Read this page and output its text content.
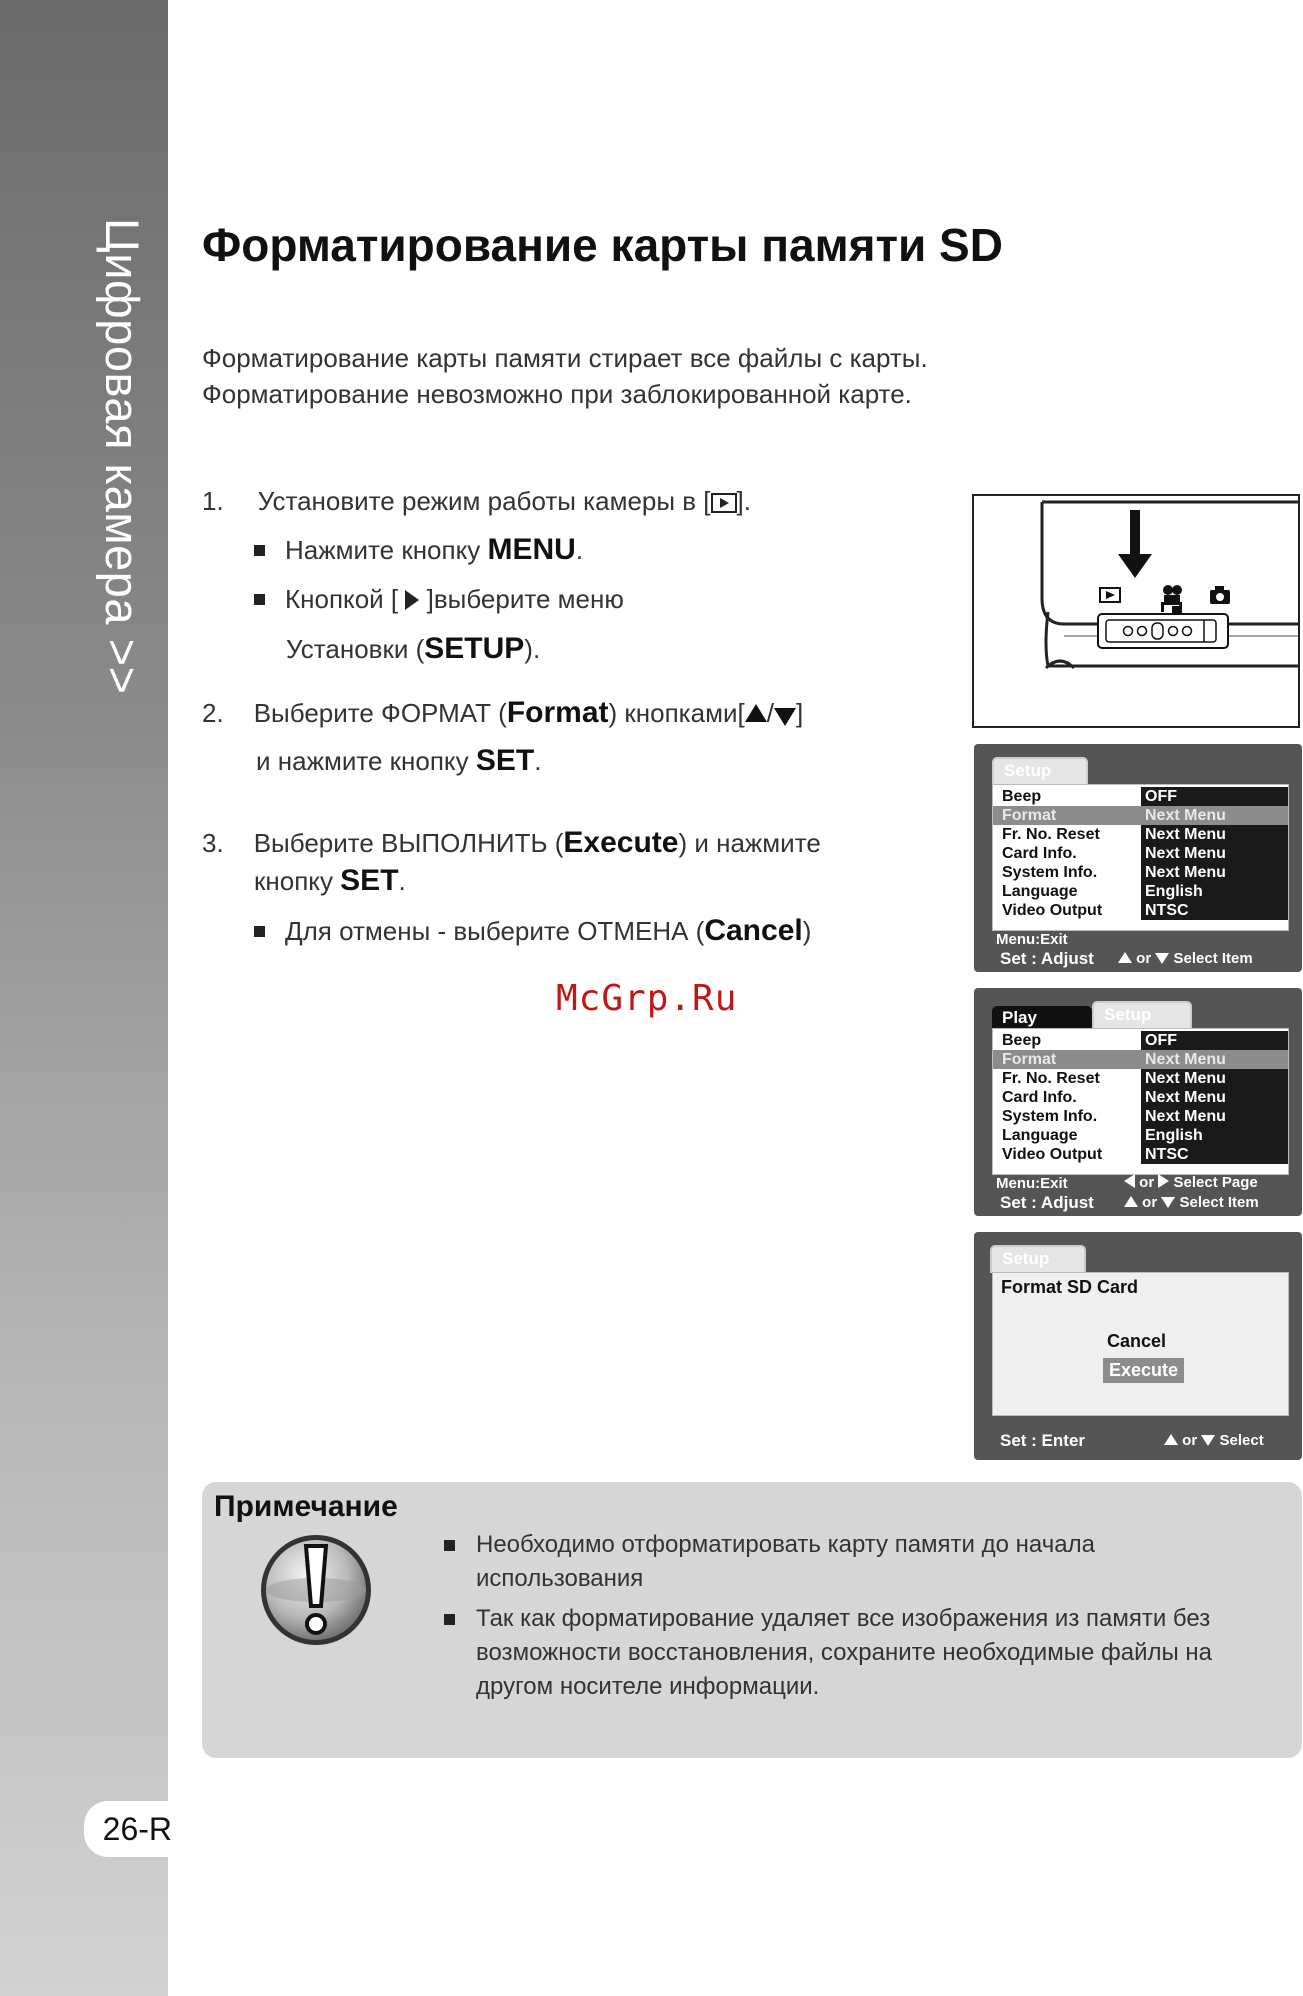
Цифровая камера >>
26-R
Форматирование карты памяти SD
Форматирование карты памяти стирает все файлы с карты.
Форматирование невозможно при заблокированной карте.
1. Установите режим работы камеры в [ ].
Нажмите кнопку MENU.
Кнопкой [  ]выберите меню
Установки (SETUP).
2. Выберите ФОРМАТ (Format) кнопками[ / ]
и нажмите кнопку SET.
3. Выберите ВЫПОЛНИТЬ (Execute) и нажмите
кнопку SET.
Для отмены - выберите ОТМЕНА (Cancel)
McGrp.Ru
Setup
Beep	OFF
Format	Next Menu
Fr. No. Reset	Next Menu
Card Info.	Next Menu
System Info.	Next Menu
Language	English
Video Output	NTSC
Menu:Exit
Set : Adjust	or Select Item
Play	Setup
Beep	OFF
Format	Next Menu
Fr. No. Reset	Next Menu
Card Info.	Next Menu
System Info.	Next Menu
Language	English
Video Output	NTSC
Menu:Exit	or Select Page
Set : Adjust	or Select Item
Setup
Format SD Card
Cancel
Execute
Set : Enter	or Select
Примечание
Необходимо отформатировать карту памяти до начала использования
Так как форматирование удаляет все изображения из памяти без возможности восстановления, сохраните необходимые файлы на другом носителе информации.
